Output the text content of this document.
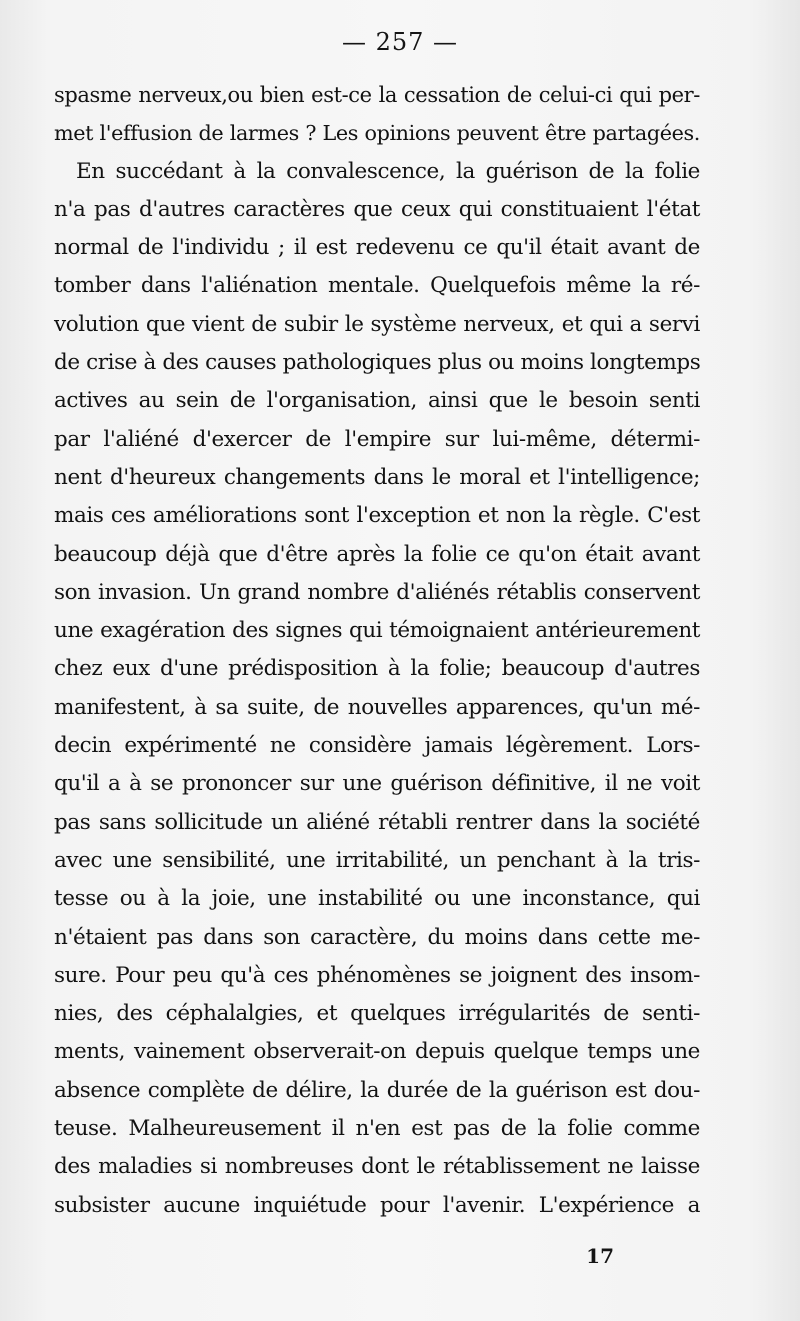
— 257 —
spasme nerveux,ou bien est-ce la cessation de celui-ci qui per-
met l'effusion de larmes ? Les opinions peuvent être partagées.
En succédant à la convalescence, la guérison de la folie
n'a pas d'autres caractères que ceux qui constituaient l'état
normal de l'individu ; il est redevenu ce qu'il était avant de
tomber dans l'aliénation mentale. Quelquefois même la ré-
volution que vient de subir le système nerveux, et qui a servi
de crise à des causes pathologiques plus ou moins longtemps
actives au sein de l'organisation, ainsi que le besoin senti
par l'aliéné d'exercer de l'empire sur lui-même, détermi-
nent d'heureux changements dans le moral et l'intelligence;
mais ces améliorations sont l'exception et non la règle. C'est
beaucoup déjà que d'être après la folie ce qu'on était avant
son invasion. Un grand nombre d'aliénés rétablis conservent
une exagération des signes qui témoignaient antérieurement
chez eux d'une prédisposition à la folie; beaucoup d'autres
manifestent, à sa suite, de nouvelles apparences, qu'un mé-
decin expérimenté ne considère jamais légèrement. Lors-
qu'il a à se prononcer sur une guérison définitive, il ne voit
pas sans sollicitude un aliéné rétabli rentrer dans la société
avec une sensibilité, une irritabilité, un penchant à la tris-
tesse ou à la joie, une instabilité ou une inconstance, qui
n'étaient pas dans son caractère, du moins dans cette me-
sure. Pour peu qu'à ces phénomènes se joignent des insom-
nies, des céphalalgies, et quelques irrégularités de senti-
ments, vainement observerait-on depuis quelque temps une
absence complète de délire, la durée de la guérison est dou-
teuse. Malheureusement il n'en est pas de la folie comme
des maladies si nombreuses dont le rétablissement ne laisse
subsister aucune inquiétude pour l'avenir. L'expérience a
17
